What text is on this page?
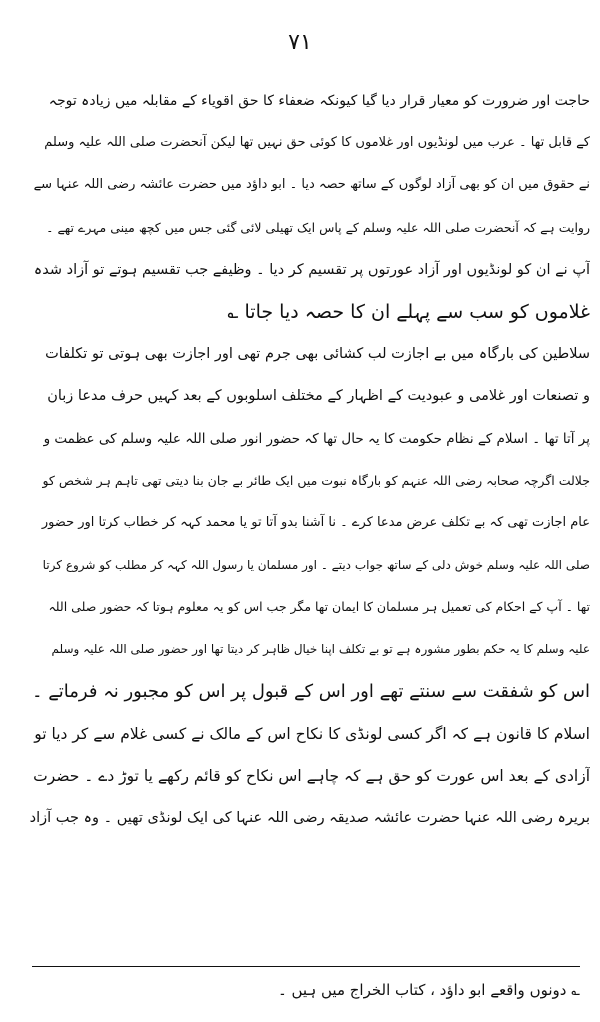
۷۱
حاجت اور ضرورت کو معیار قرار دیا گیا کیونکہ ضعفاء کا حق اقویاء کے مقابلہ میں زیادہ توجہ
کے قابل تھا ۔ عرب میں لونڈیوں اور غلاموں کا کوئی حق نہیں تھا لیکن آنحضرت صلی اللہ علیہ وسلم
نے حقوق میں ان کو بھی آزاد لوگوں کے ساتھ حصہ دیا ۔ ابو داؤد میں حضرت عائشہ رضی اللہ عنہا سے
روایت ہے کہ آنحضرت صلی اللہ علیہ وسلم کے پاس ایک تھیلی لائی گئی جس میں کچھ مینی مہرے تھے ۔
آپ نے ان کو لونڈیوں اور آزاد عورتوں پر تقسیم کر دیا ۔ وظیفے جب تقسیم ہوتے تو آزاد شدہ
غلاموں کو سب سے پہلے ان کا حصہ دیا جاتا ؎
سلاطین کی بارگاہ میں بے اجازت لب کشائی بھی جرم تھی اور اجازت بھی ہوتی تو تکلفات
و تصنعات اور غلامی و عبودیت کے اظہار کے مختلف اسلوبوں کے بعد کہیں حرف مدعا زبان
پر آتا تھا ۔ اسلام کے نظام حکومت کا یہ حال تھا کہ حضور انور صلی اللہ علیہ وسلم کی عظمت و
جلالت اگرچہ صحابہ رضی اللہ عنہم کو بارگاہ نبوت میں ایک طائر بے جان بنا دیتی تھی تاہم ہر شخص کو
عام اجازت تھی کہ بے تکلف عرض مدعا کرے ۔ نا آشنا بدو آتا تو یا محمد کہہ کر خطاب کرتا اور حضور
صلی اللہ علیہ وسلم خوش دلی کے ساتھ جواب دیتے ۔ اور مسلمان یا رسول اللہ کہہ کر مطلب کو شروع کرتا
تھا ۔ آپ کے احکام کی تعمیل ہر مسلمان کا ایمان تھا مگر جب اس کو یہ معلوم ہوتا کہ حضور صلی اللہ
علیہ وسلم کا یہ حکم بطور مشورہ ہے تو بے تکلف اپنا خیال ظاہر کر دیتا تھا اور حضور صلی اللہ علیہ وسلم
اس کو شفقت سے سنتے تھے اور اس کے قبول پر اس کو مجبور نہ فرماتے ۔
اسلام کا قانون ہے کہ اگر کسی لونڈی کا نکاح اس کے مالک نے کسی غلام سے کر دیا تو
آزادی کے بعد اس عورت کو حق ہے کہ چاہے اس نکاح کو قائم رکھے یا توڑ دے ۔ حضرت
بریرہ رضی اللہ عنہا حضرت عائشہ صدیقہ رضی اللہ عنہا کی ایک لونڈی تھیں ۔ وہ جب آزاد
؎ دونوں واقعے ابو داؤد ، کتاب الخراج میں ہیں ۔
